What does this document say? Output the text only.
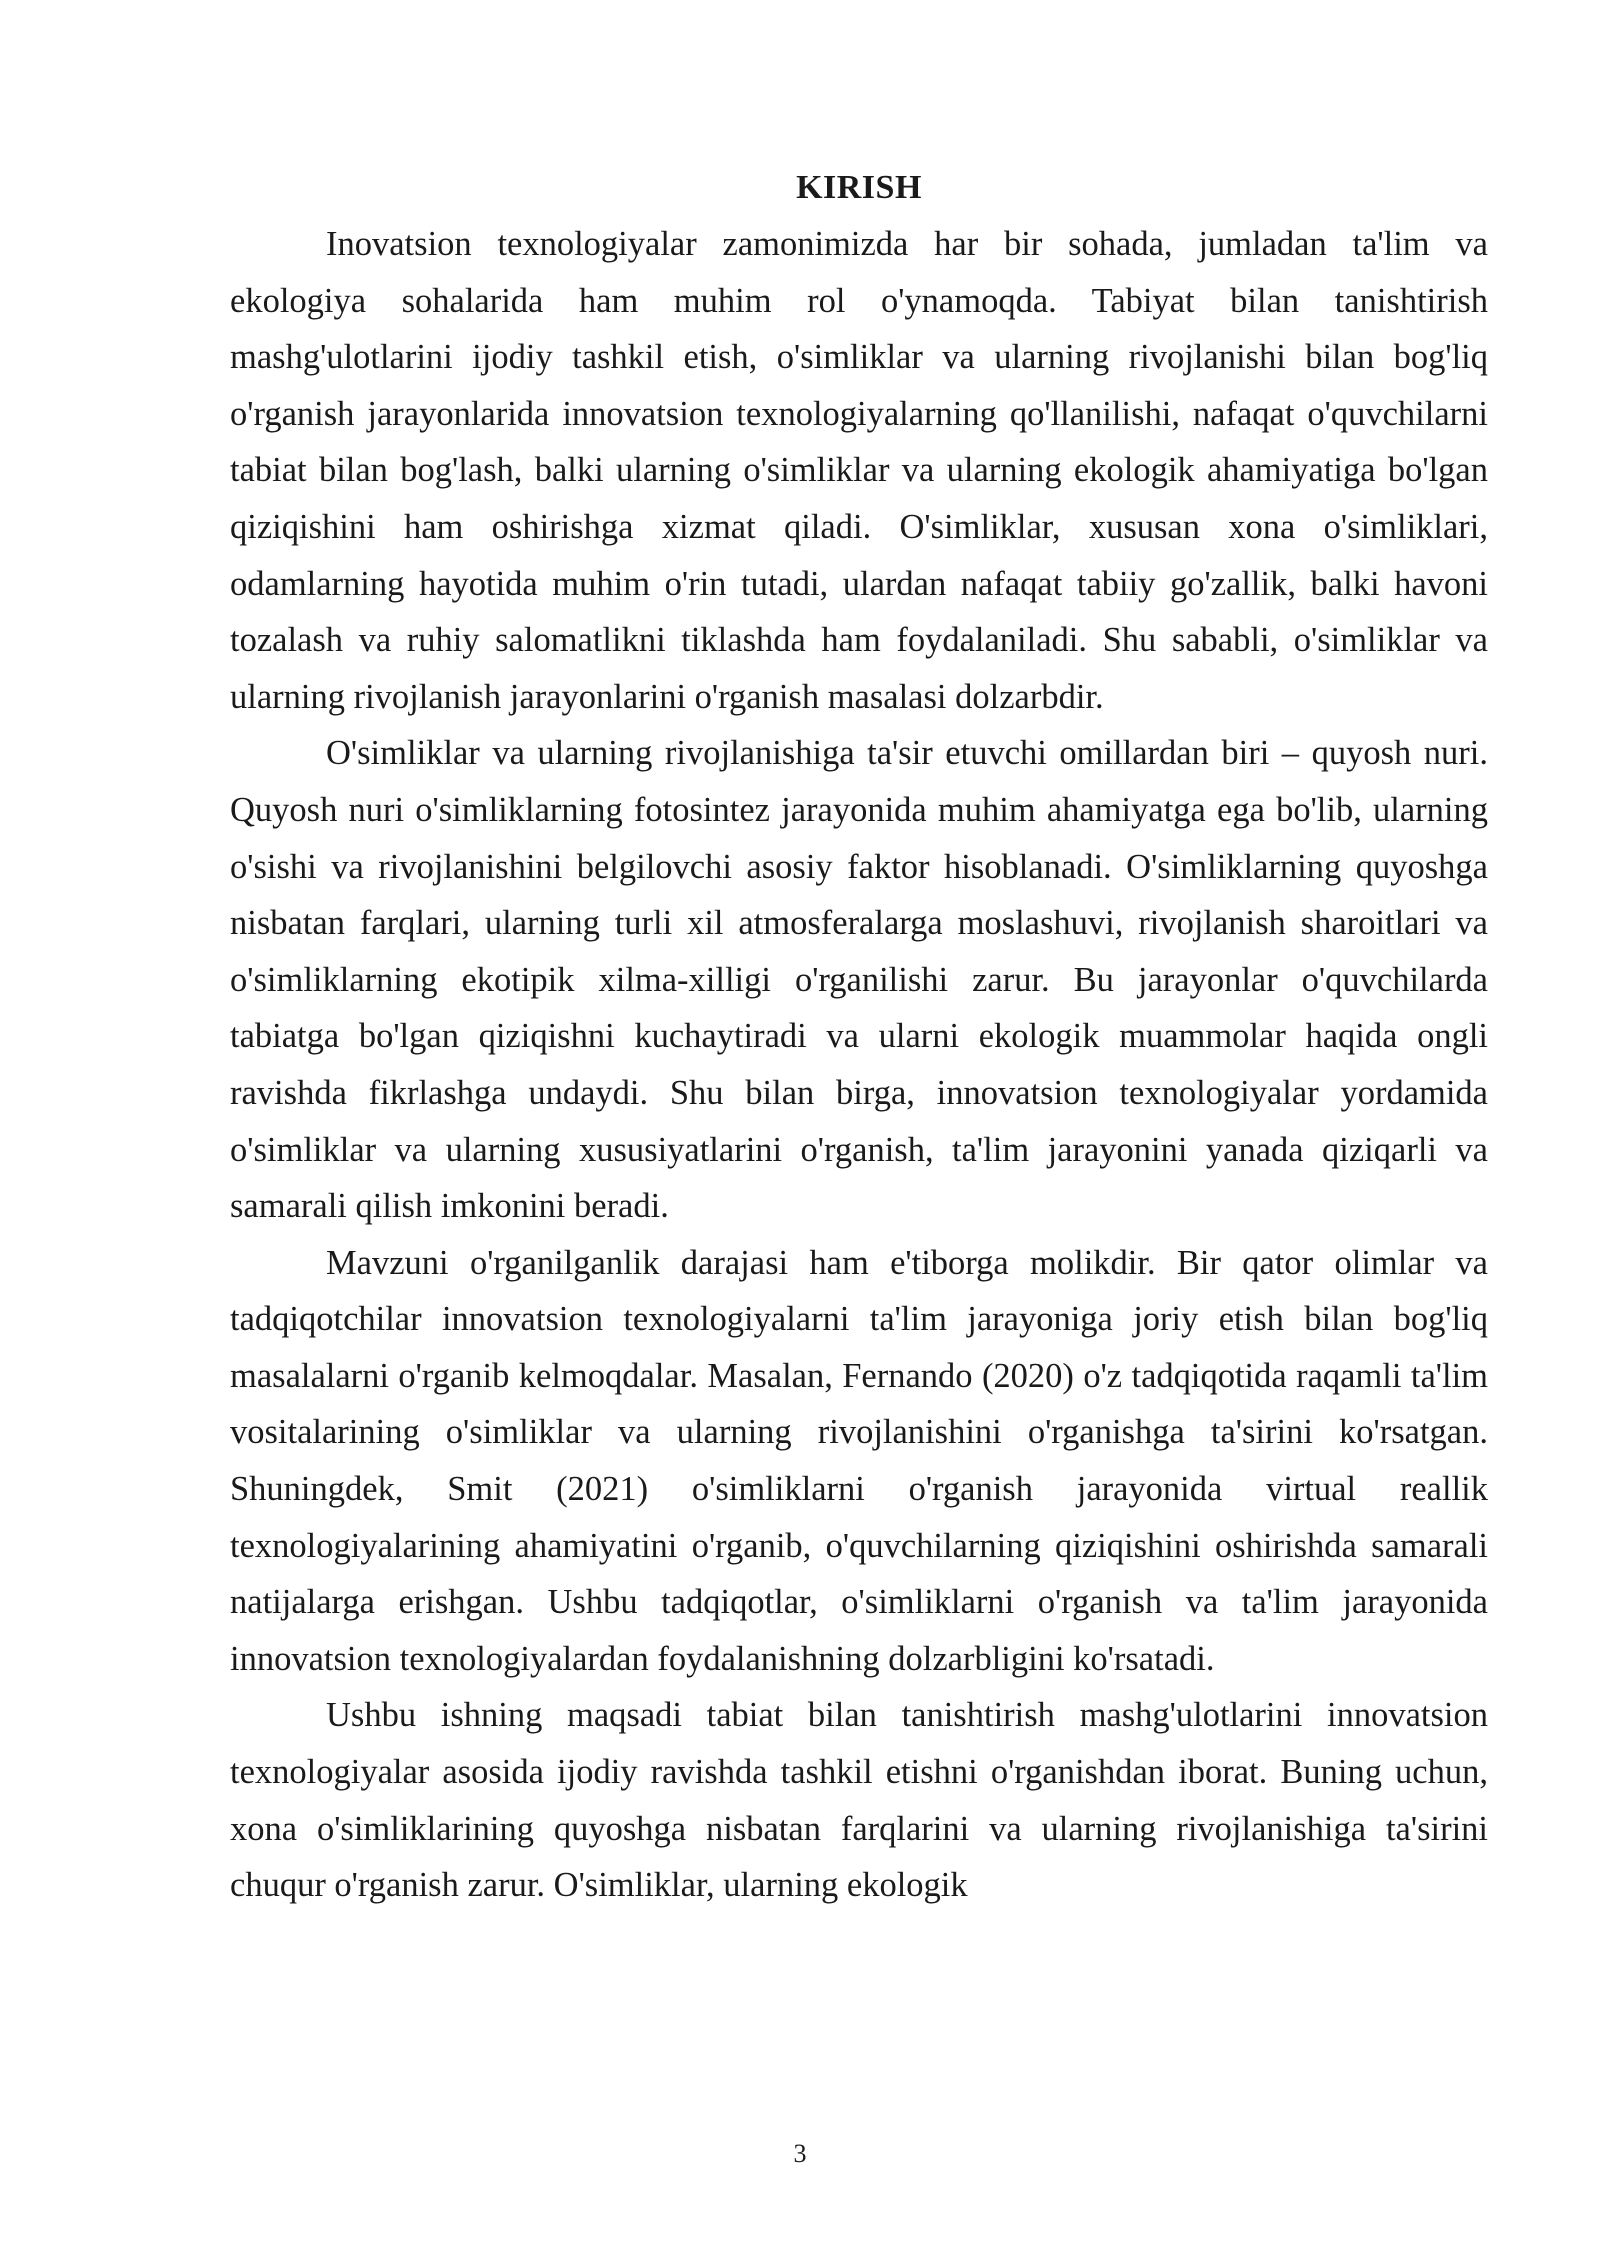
KIRISH

Inovatsion texnologiyalar zamonimizda har bir sohada, jumladan ta'lim va ekologiya sohalarida ham muhim rol o'ynamoqda. Tabiyat bilan tanishtirish mashg'ulotlarini ijodiy tashkil etish, o'simliklar va ularning rivojlanishi bilan bog'liq o'rganish jarayonlarida innovatsion texnologiyalarning qo'llanilishi, nafaqat o'quvchilarni tabiat bilan bog'lash, balki ularning o'simliklar va ularning ekologik ahamiyatiga bo'lgan qiziqishini ham oshirishga xizmat qiladi. O'simliklar, xususan xona o'simliklari, odamlarning hayotida muhim o'rin tutadi, ulardan nafaqat tabiiy go'zallik, balki havoni tozalash va ruhiy salomatlikni tiklashda ham foydalaniladi. Shu sababli, o'simliklar va ularning rivojlanish jarayonlarini o'rganish masalasi dolzarbdir.

O'simliklar va ularning rivojlanishiga ta'sir etuvchi omillardan biri – quyosh nuri. Quyosh nuri o'simliklarning fotosintez jarayonida muhim ahamiyatga ega bo'lib, ularning o'sishi va rivojlanishini belgilovchi asosiy faktor hisoblanadi. O'simliklarning quyoshga nisbatan farqlari, ularning turli xil atmosferalarga moslashuvi, rivojlanish sharoitlari va o'simliklarning ekotipik xilma-xilligi o'rganilishi zarur. Bu jarayonlar o'quvchilarda tabiatga bo'lgan qiziqishni kuchaytiradi va ularni ekologik muammolar haqida ongli ravishda fikrlashga undaydi. Shu bilan birga, innovatsion texnologiyalar yordamida o'simliklar va ularning xususiyatlarini o'rganish, ta'lim jarayonini yanada qiziqarli va samarali qilish imkonini beradi.

Mavzuni o'rganilganlik darajasi ham e'tiborga molikdir. Bir qator olimlar va tadqiqotchilar innovatsion texnologiyalarni ta'lim jarayoniga joriy etish bilan bog'liq masalalarni o'rganib kelmoqdalar. Masalan, Fernando (2020) o'z tadqiqotida raqamli ta'lim vositalarining o'simliklar va ularning rivojlanishini o'rganishga ta'sirini ko'rsatgan. Shuningdek, Smit (2021) o'simliklarni o'rganish jarayonida virtual reallik texnologiyalarining ahamiyatini o'rganib, o'quvchilarning qiziqishini oshirishda samarali natijalarga erishgan. Ushbu tadqiqotlar, o'simliklarni o'rganish va ta'lim jarayonida innovatsion texnologiyalardan foydalanishning dolzarbligini ko'rsatadi.

Ushbu ishning maqsadi tabiat bilan tanishtirish mashg'ulotlarini innovatsion texnologiyalar asosida ijodiy ravishda tashkil etishni o'rganishdan iborat. Buning uchun, xona o'simliklarining quyoshga nisbatan farqlarini va ularning rivojlanishiga ta'sirini chuqur o'rganish zarur. O'simliklar, ularning ekologik

3
